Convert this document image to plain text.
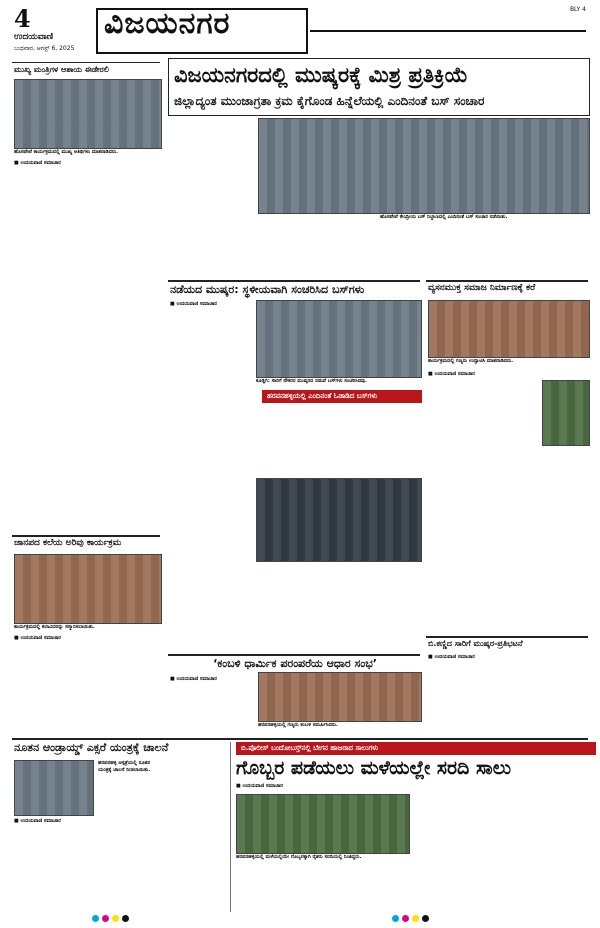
4
ಉದಯವಾಣಿ
ಬುಧವಾರ, ಆಗಸ್ಟ್ 6, 2025
BLY 4
ವಿಜಯನಗರ
ಮುಖ್ಯ ಮಂತ್ರಿಗಳ ಆಶಾಯ ಈಡೇರಲಿ
ಹೊಸಪೇಟೆ ಕಾರ್ಯಕ್ರಮದಲ್ಲಿ ಮುಖ್ಯ ಅತಿಥಿಗಳು ಮಾತನಾಡಿದರು.
■ ಉದಯವಾಣಿ ಸಮಾಚಾರ
ಜಾನಪದ ಕಲೆಯ ಅರಿವು ಕಾರ್ಯಕ್ರಮ
ಕಾರ್ಯಕ್ರಮದಲ್ಲಿ ಕಲಾವಿದರನ್ನು ಸನ್ಮಾನಿಸಲಾಯಿತು.
■ ಉದಯವಾಣಿ ಸಮಾಚಾರ
ವಿಜಯನಗರದಲ್ಲಿ ಮುಷ್ಕರಕ್ಕೆ ಮಿಶ್ರ ಪ್ರತಿಕ್ರಿಯೆ
ಜಿಲ್ಲಾದ್ಯಂತ ಮುಂಜಾಗ್ರತಾ ಕ್ರಮ ಕೈಗೊಂಡ ಹಿನ್ನೆಲೆಯಲ್ಲಿ ಎಂದಿನಂತೆ ಬಸ್ ಸಂಚಾರ
ಹೊಸಪೇಟೆ ಕೇಂದ್ರೀಯ ಬಸ್ ನಿಲ್ದಾಣದಲ್ಲಿ ಎಂದಿನಂತೆ ಬಸ್ ಸಂಚಾರ ನಡೆಯಿತು.
ನಡೆಯದ ಮುಷ್ಕರ: ಸ್ಥಳೀಯವಾಗಿ ಸಂಚರಿಸಿದ ಬಸ್‌ಗಳು
■ ಉದಯವಾಣಿ ಸಮಾಚಾರ
ಕೂಡ್ಲಿಗಿ: ಸಾರಿಗೆ ನೌಕರರ ಮುಷ್ಕರದ ನಡುವೆ ಬಸ್‌ಗಳು ಸಂಚರಿಸಿದವು.
ಹರಪನಹಳ್ಳಿಯಲ್ಲಿ ಎಂದಿನಂತೆ ಓಡಾಡಿದ ಬಸ್‌ಗಳು
ವ್ಯಸನಮುಕ್ತ ಸಮಾಜ ನಿರ್ಮಾಣಕ್ಕೆ ಕರೆ
ಕಾರ್ಯಕ್ರಮದಲ್ಲಿ ಗಣ್ಯರು ಉದ್ಘಾಟಿಸಿ ಮಾತನಾಡಿದರು.
■ ಉದಯವಾಣಿ ಸಮಾಚಾರ
ಬಿ.ಕಣ್ಣಿದ ಸಾರಿಗೆ ಮುಷ್ಕರ-ಪ್ರತಿಭಟನೆ
■ ಉದಯವಾಣಿ ಸಮಾಚಾರ
‘ಕಂಬಳಿ ಧಾರ್ಮಿಕ ಪರಂಪರೆಯ ಆಧಾರ ಸಂಭ’
■ ಉದಯವಾಣಿ ಸಮಾಚಾರ
ಹರಪನಹಳ್ಳಿಯಲ್ಲಿ ಗಣ್ಯರು ಕಂಬಳಿ ಸಮರ್ಪಿಸಿದರು.
ನೂತನ ಆಂಡ್ರಾಯ್ಡ್ ಎಕ್ಸರೆ ಯಂತ್ರಕ್ಕೆ ಚಾಲನೆ
ಹರಪನಹಳ್ಳಿ ಆಸ್ಪತ್ರೆಯಲ್ಲಿ ನೂತನ ಯಂತ್ರಕ್ಕೆ ಚಾಲನೆ ನೀಡಲಾಯಿತು.
■ ಉದಯವಾಣಿ ಸಮಾಚಾರ
ಬಿ.ಪೊಲೀಸ್ ಬಂದೋಬಸ್ತ್‌ನಲ್ಲಿ ಬೇಗನ ಹಾಜರಾದ ಸಾಲುಗಳು
ಗೊಬ್ಬರ ಪಡೆಯಲು ಮಳೆಯಲ್ಲೇ ಸರದಿ ಸಾಲು
■ ಉದಯವಾಣಿ ಸಮಾಚಾರ
ಹರಪನಹಳ್ಳಿಯಲ್ಲಿ ಮಳೆಯಲ್ಲಿಯೇ ಗೊಬ್ಬರಕ್ಕಾಗಿ ರೈತರು ಸರದಿಯಲ್ಲಿ ನಿಂತಿದ್ದರು.
